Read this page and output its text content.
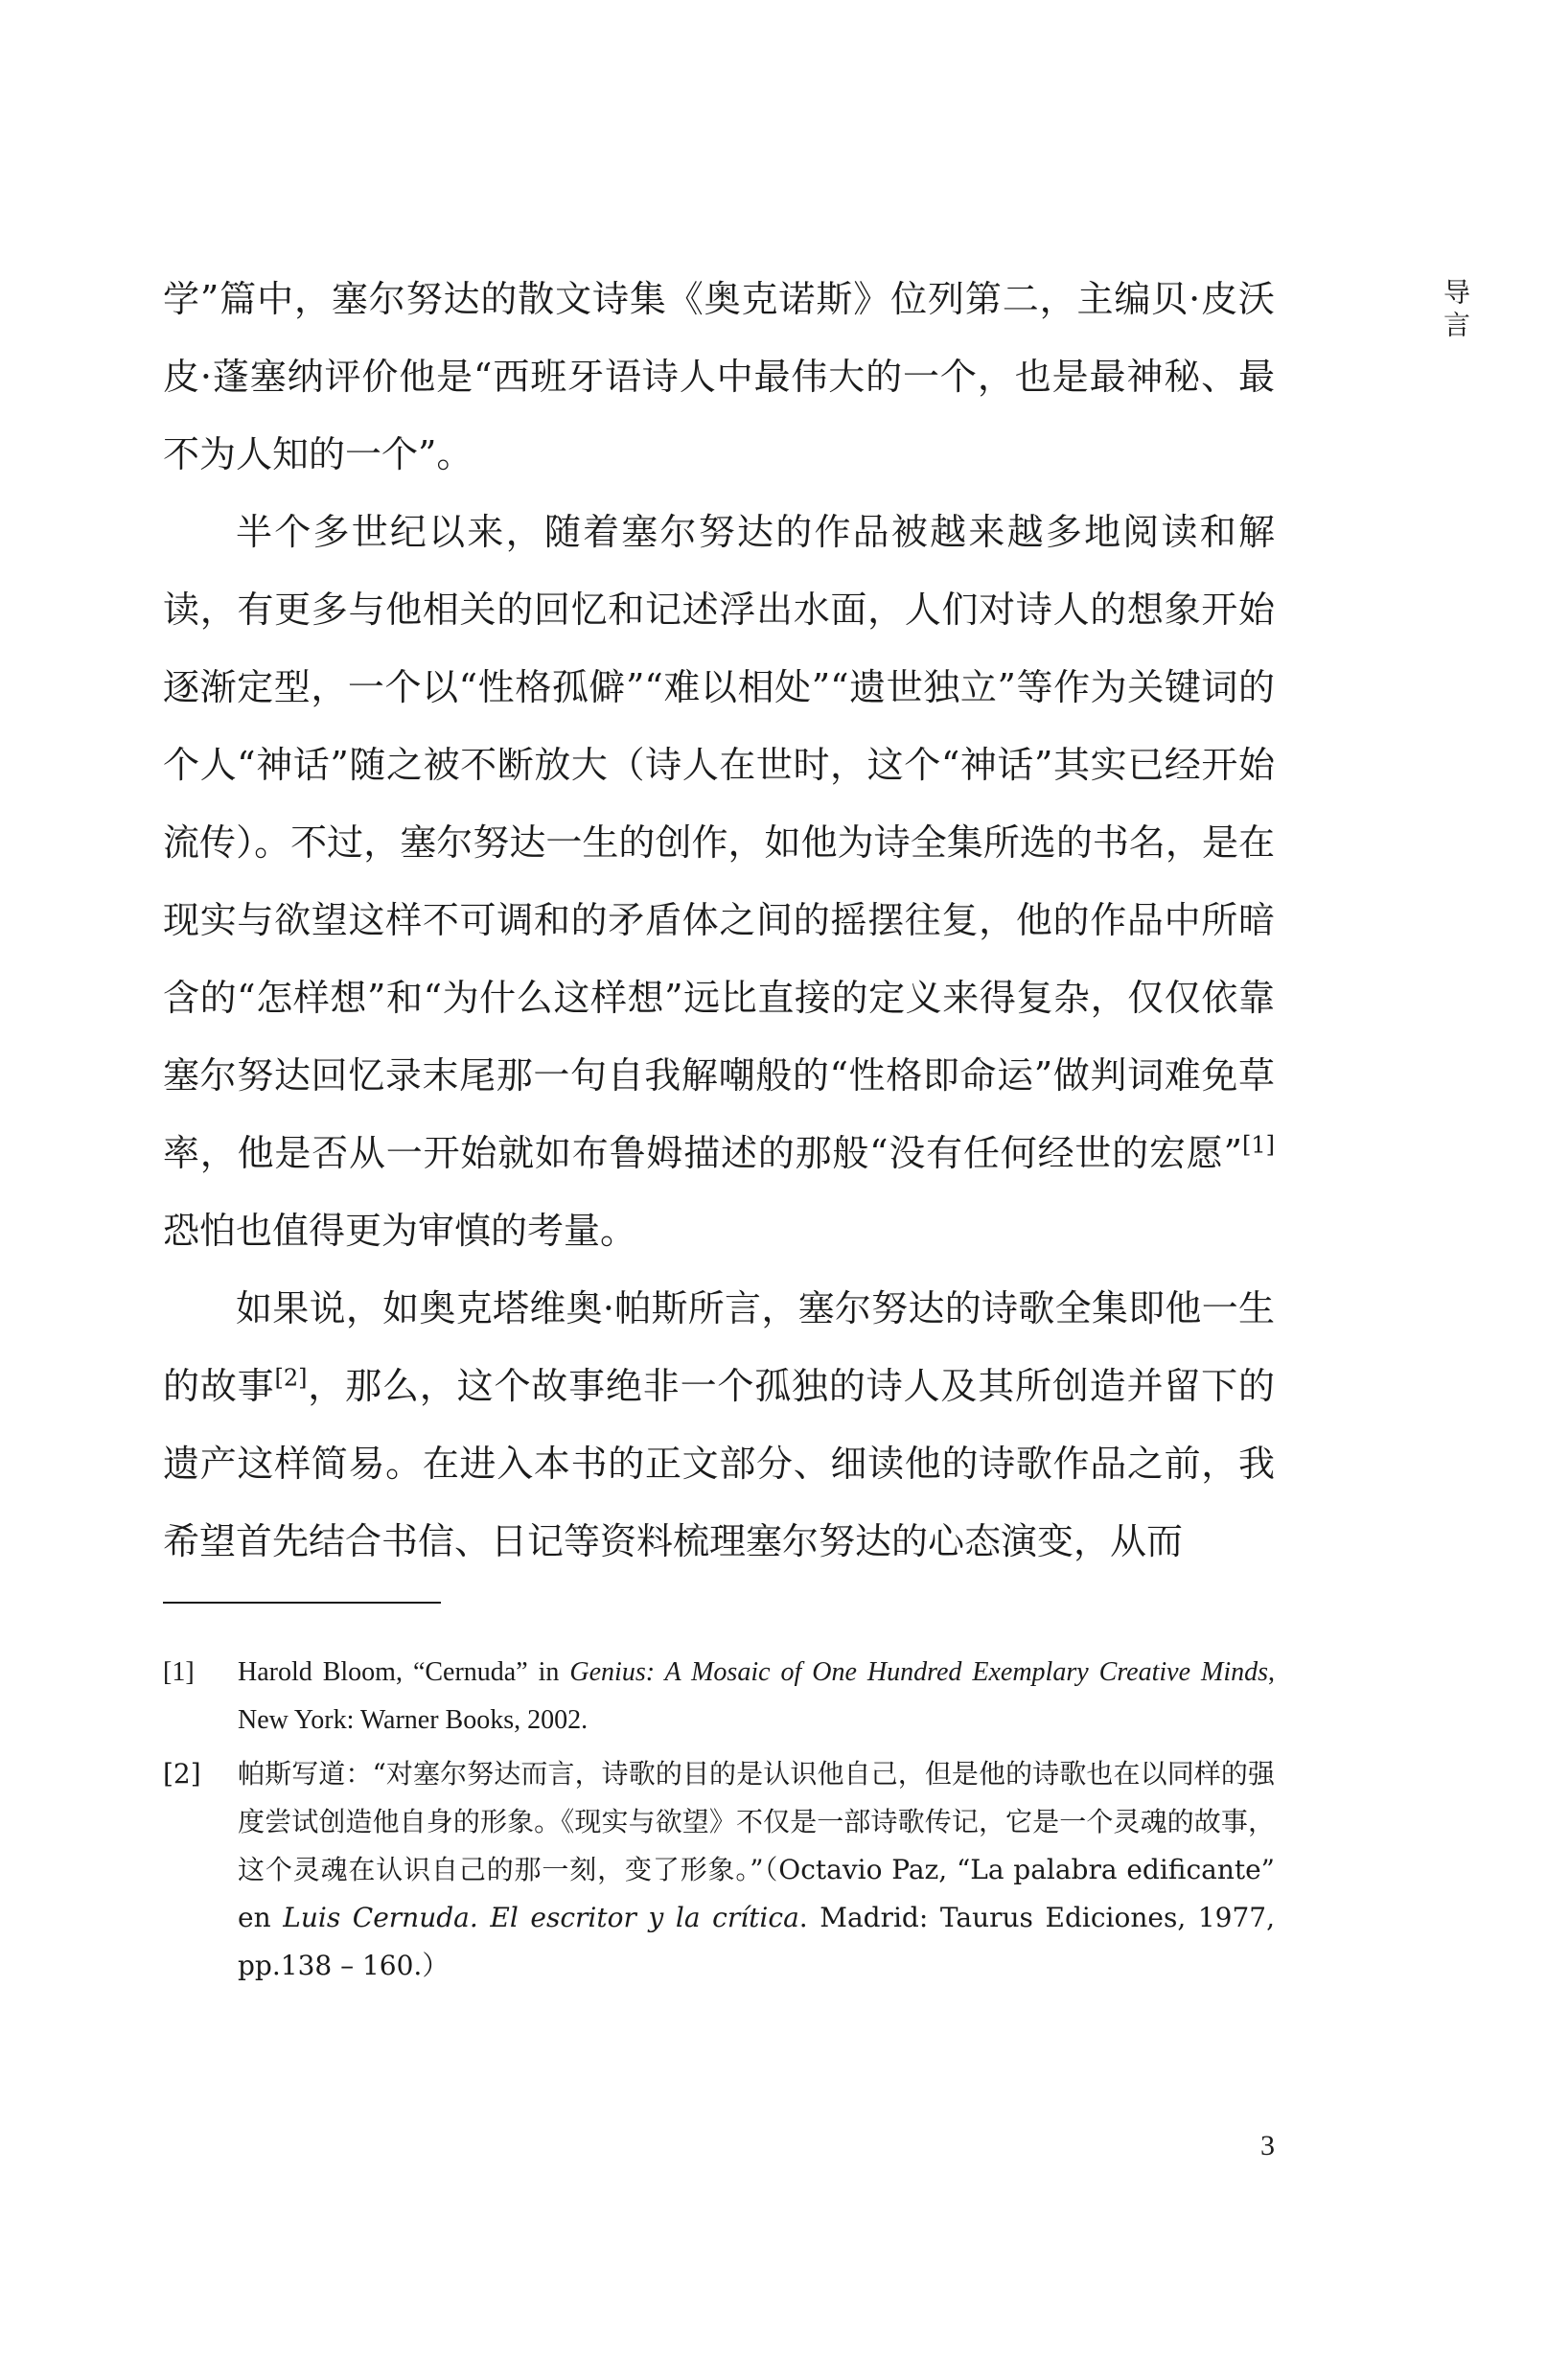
导言

学”篇中，塞尔努达的散文诗集《奥克诺斯》位列第二，主编贝·皮沃皮·蓬塞纳评价他是“西班牙语诗人中最伟大的一个，也是最神秘、最不为人知的一个”。

半个多世纪以来，随着塞尔努达的作品被越来越多地阅读和解读，有更多与他相关的回忆和记述浮出水面，人们对诗人的想象开始逐渐定型，一个以“性格孤僻”“难以相处”“遗世独立”等作为关键词的个人“神话”随之被不断放大（诗人在世时，这个“神话”其实已经开始流传）。不过，塞尔努达一生的创作，如他为诗全集所选的书名，是在现实与欲望这样不可调和的矛盾体之间的摇摆往复，他的作品中所暗含的“怎样想”和“为什么这样想”远比直接的定义来得复杂，仅仅依靠塞尔努达回忆录末尾那一句自我解嘲般的“性格即命运”做判词难免草率，他是否从一开始就如布鲁姆描述的那般“没有任何经世的宏愿”[1]恐怕也值得更为审慎的考量。

如果说，如奥克塔维奥·帕斯所言，塞尔努达的诗歌全集即他一生的故事[2]，那么，这个故事绝非一个孤独的诗人及其所创造并留下的遗产这样简易。在进入本书的正文部分、细读他的诗歌作品之前，我希望首先结合书信、日记等资料梳理塞尔努达的心态演变，从而

[1]	Harold Bloom, “Cernuda” in Genius: A Mosaic of One Hundred Exemplary Creative Minds, New York: Warner Books, 2002.

[2]	帕斯写道：“对塞尔努达而言，诗歌的目的是认识他自己，但是他的诗歌也在以同样的强度尝试创造他自身的形象。《现实与欲望》不仅是一部诗歌传记，它是一个灵魂的故事，这个灵魂在认识自己的那一刻，变了形象。”（Octavio Paz, “La palabra edificante” en Luis Cernuda. El escritor y la crítica. Madrid: Taurus Ediciones, 1977, pp.138 – 160.）

3
